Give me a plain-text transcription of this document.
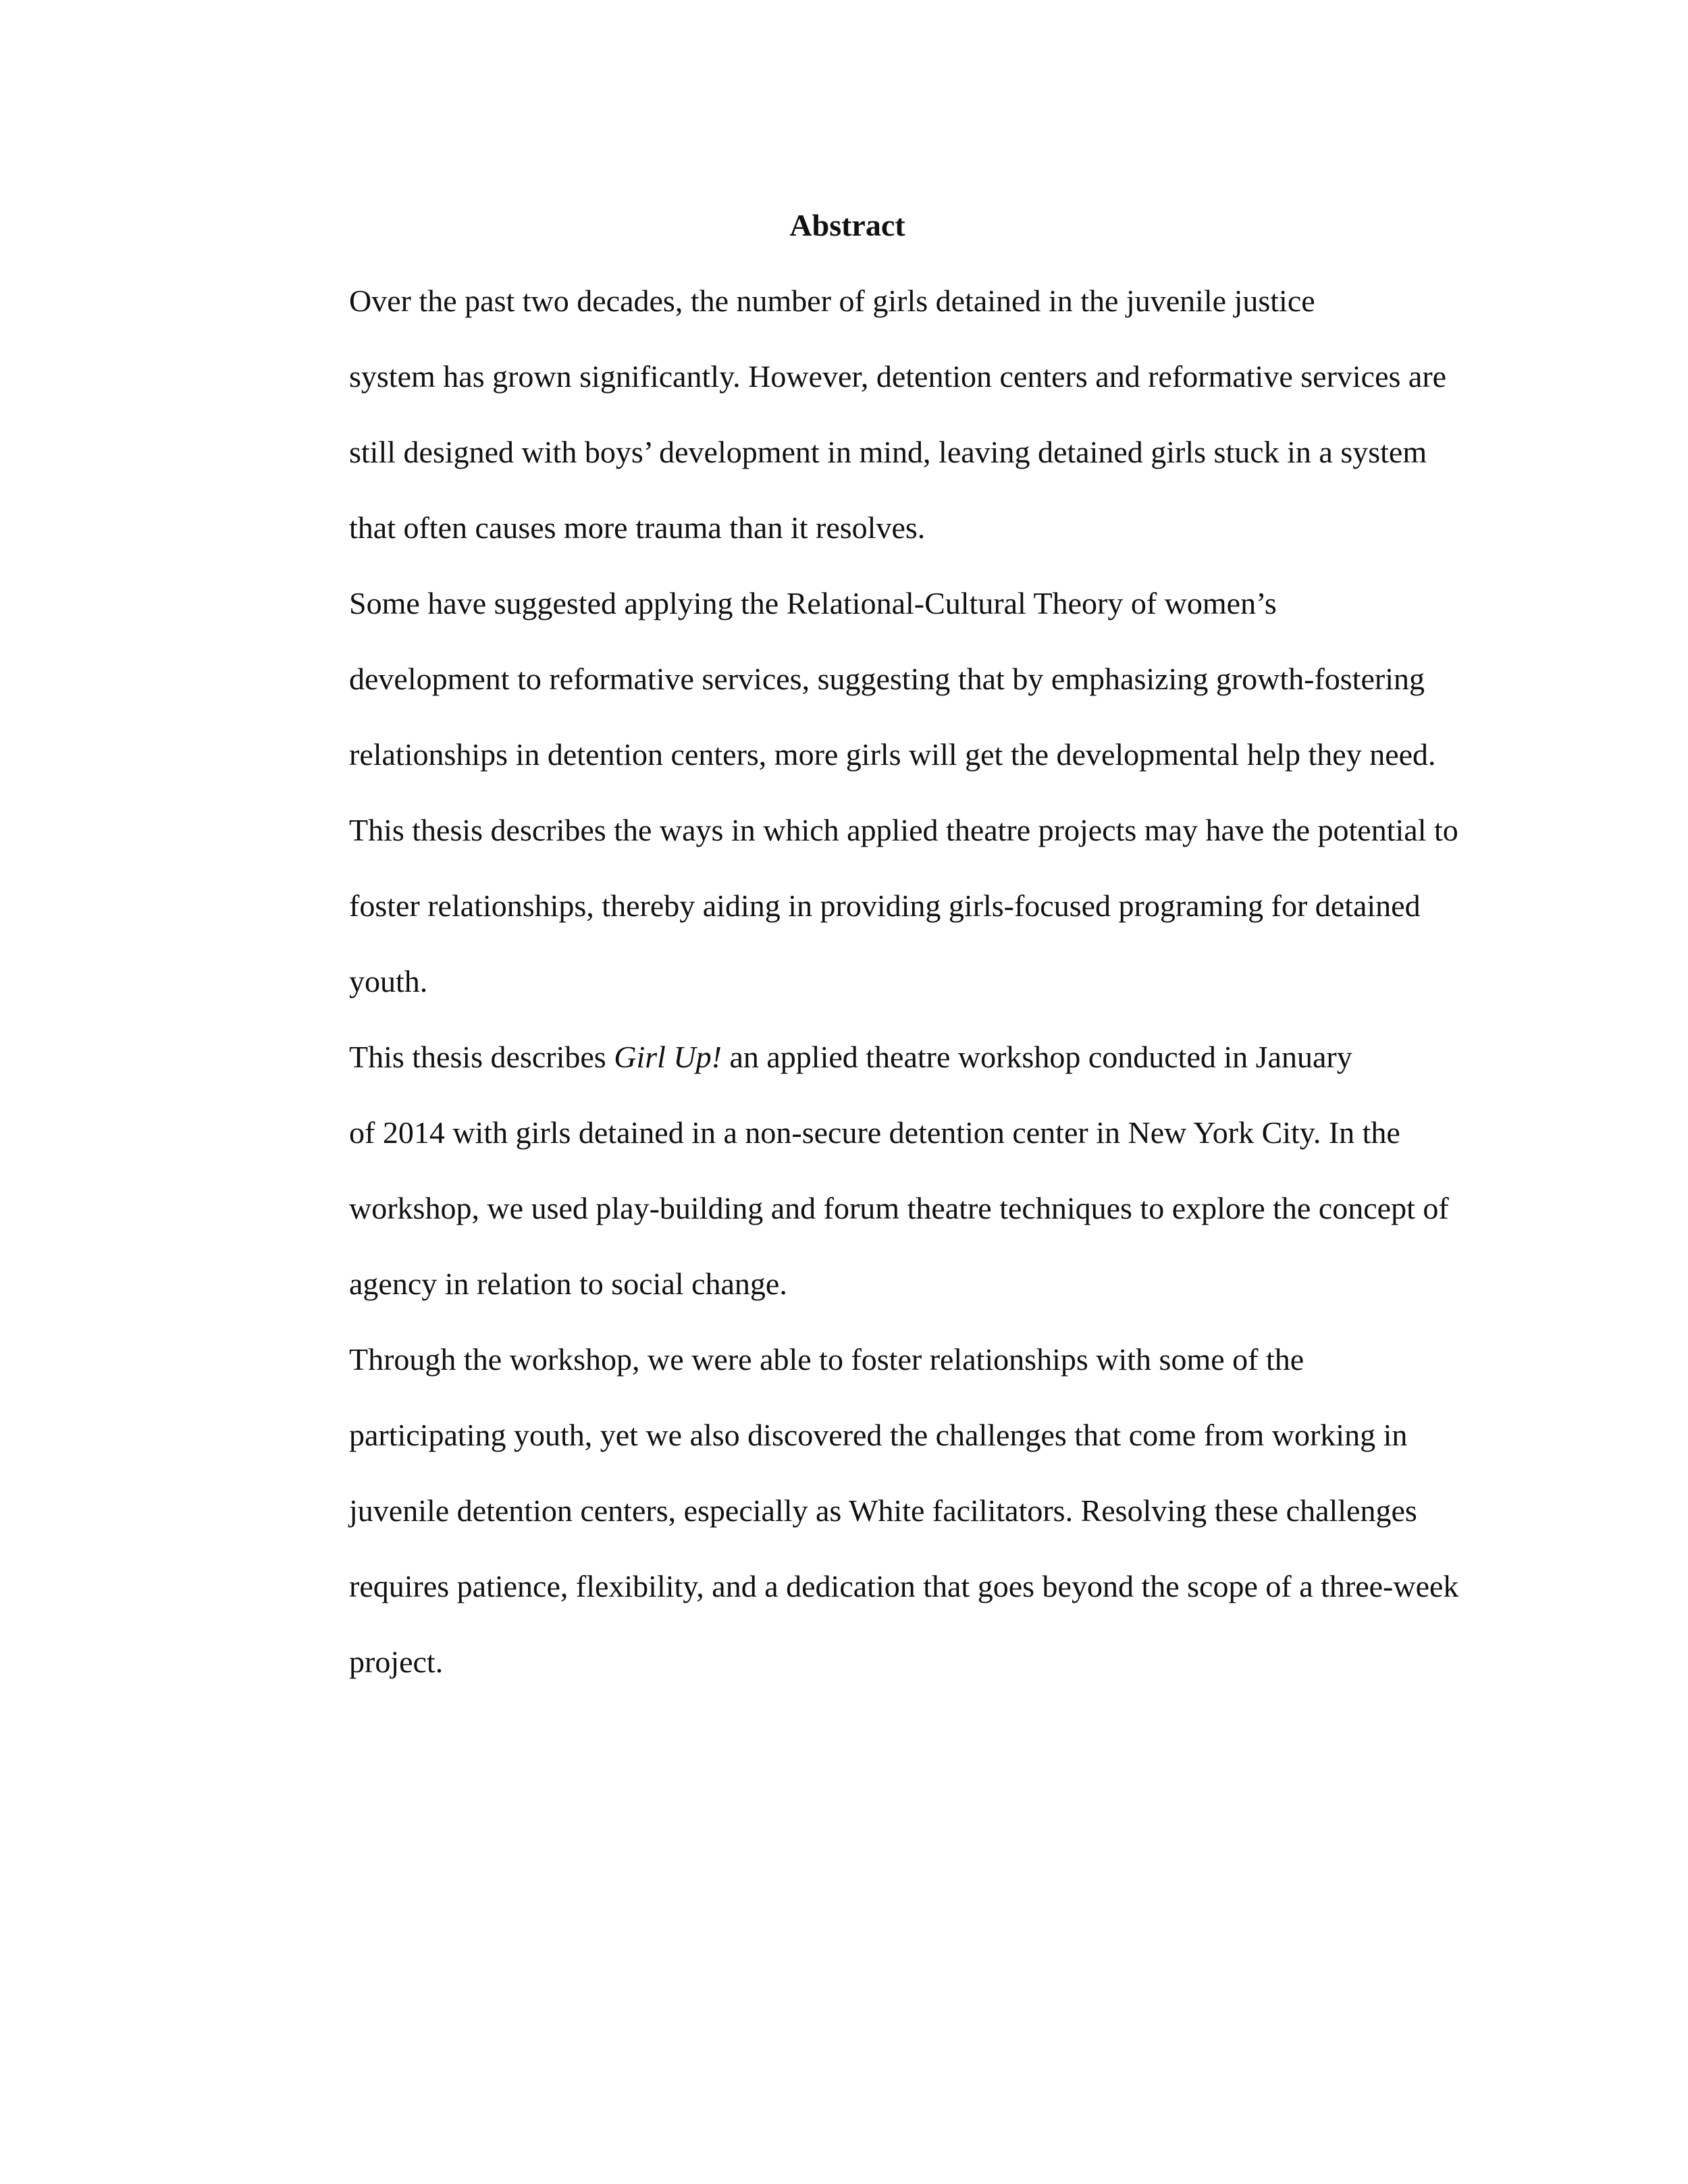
Abstract

Over the past two decades, the number of girls detained in the juvenile justice
system has grown significantly. However, detention centers and reformative services are
still designed with boys’ development in mind, leaving detained girls stuck in a system
that often causes more trauma than it resolves.

Some have suggested applying the Relational-Cultural Theory of women’s
development to reformative services, suggesting that by emphasizing growth-fostering
relationships in detention centers, more girls will get the developmental help they need.
This thesis describes the ways in which applied theatre projects may have the potential to
foster relationships, thereby aiding in providing girls-focused programing for detained
youth.

This thesis describes Girl Up! an applied theatre workshop conducted in January
of 2014 with girls detained in a non-secure detention center in New York City. In the
workshop, we used play-building and forum theatre techniques to explore the concept of
agency in relation to social change.

Through the workshop, we were able to foster relationships with some of the
participating youth, yet we also discovered the challenges that come from working in
juvenile detention centers, especially as White facilitators. Resolving these challenges
requires patience, flexibility, and a dedication that goes beyond the scope of a three-week
project.
